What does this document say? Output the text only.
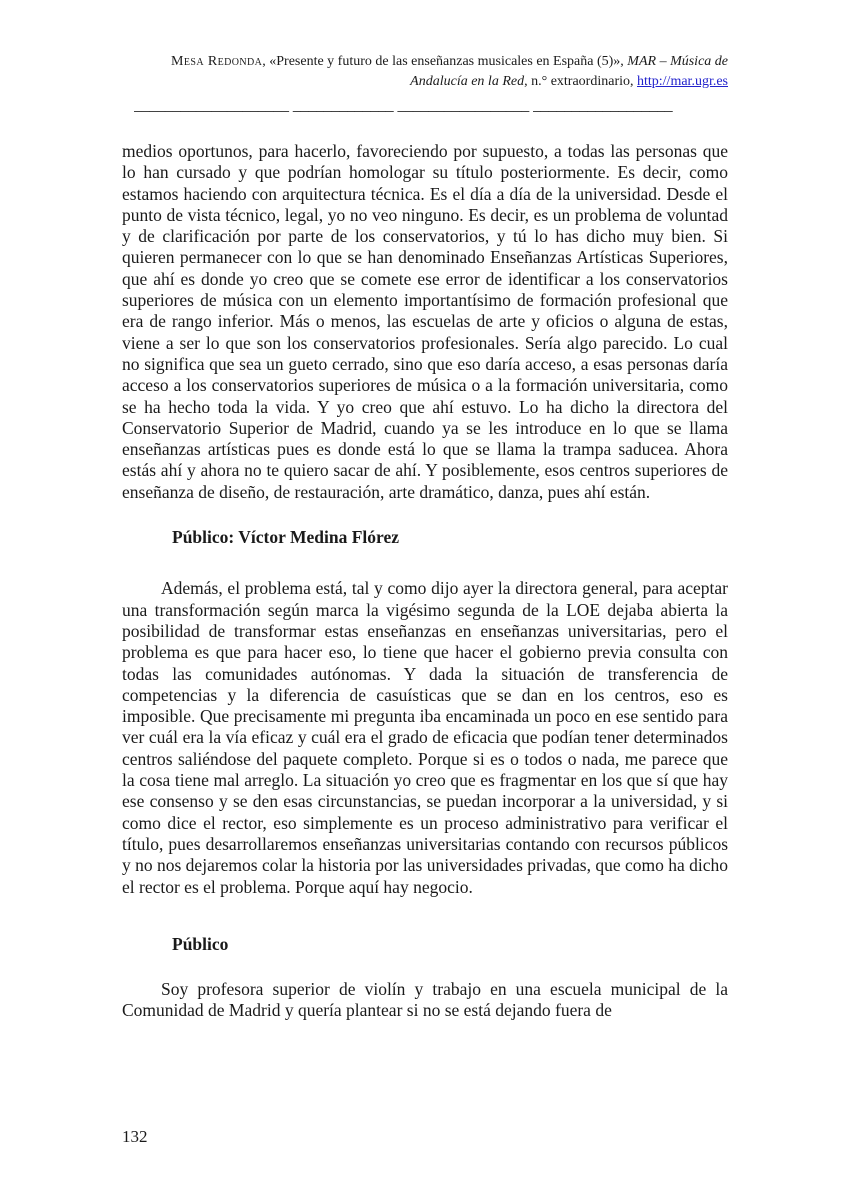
Mesa Redonda, «Presente y futuro de las enseñanzas musicales en España (5)», MAR – Música de
Andalucía en la Red, n.° extraordinario, http://mar.ugr.es
____________________ _____________ _________________ __________________

medios oportunos, para hacerlo, favoreciendo por supuesto, a todas las personas que lo han cursado y que podrían homologar su título posteriormente. Es decir, como estamos haciendo con arquitectura técnica. Es el día a día de la universidad. Desde el punto de vista técnico, legal, yo no veo ninguno. Es decir, es un problema de voluntad y de clarificación por parte de los conservatorios, y tú lo has dicho muy bien. Si quieren permanecer con lo que se han denominado Enseñanzas Artísticas Superiores, que ahí es donde yo creo que se comete ese error de identificar a los conservatorios superiores de música con un elemento importantísimo de formación profesional que era de rango inferior. Más o menos, las escuelas de arte y oficios o alguna de estas, viene a ser lo que son los conservatorios profesionales. Sería algo parecido. Lo cual no significa que sea un gueto cerrado, sino que eso daría acceso, a esas personas daría acceso a los conservatorios superiores de música o a la formación universitaria, como se ha hecho toda la vida. Y yo creo que ahí estuvo. Lo ha dicho la directora del Conservatorio Superior de Madrid, cuando ya se les introduce en lo que se llama enseñanzas artísticas pues es donde está lo que se llama la trampa saducea. Ahora estás ahí y ahora no te quiero sacar de ahí. Y posiblemente, esos centros superiores de enseñanza de diseño, de restauración, arte dramático, danza, pues ahí están.

Público: Víctor Medina Flórez

Además, el problema está, tal y como dijo ayer la directora general, para aceptar una transformación según marca la vigésimo segunda de la LOE dejaba abierta la posibilidad de transformar estas enseñanzas en enseñanzas universitarias, pero el problema es que para hacer eso, lo tiene que hacer el gobierno previa consulta con todas las comunidades autónomas. Y dada la situación de transferencia de competencias y la diferencia de casuísticas que se dan en los centros, eso es imposible. Que precisamente mi pregunta iba encaminada un poco en ese sentido para ver cuál era la vía eficaz y cuál era el grado de eficacia que podían tener determinados centros saliéndose del paquete completo. Porque si es o todos o nada, me parece que la cosa tiene mal arreglo. La situación yo creo que es fragmentar en los que sí que hay ese consenso y se den esas circunstancias, se puedan incorporar a la universidad, y si como dice el rector, eso simplemente es un proceso administrativo para verificar el título, pues desarrollaremos enseñanzas universitarias contando con recursos públicos y no nos dejaremos colar la historia por las universidades privadas, que como ha dicho el rector es el problema. Porque aquí hay negocio.

Público

Soy profesora superior de violín y trabajo en una escuela municipal de la Comunidad de Madrid y quería plantear si no se está dejando fuera de

132
